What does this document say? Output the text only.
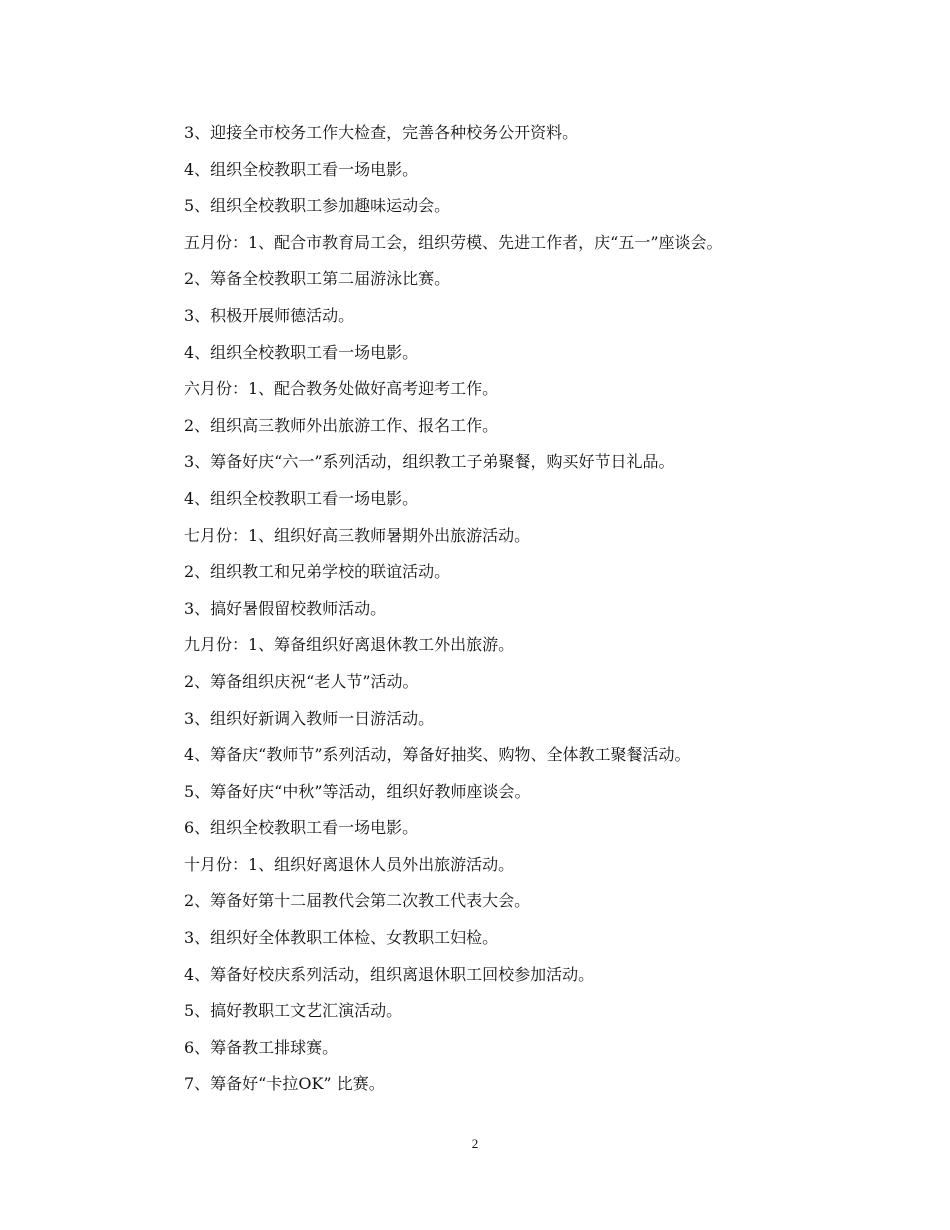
3、迎接全市校务工作大检查，完善各种校务公开资料。
4、组织全校教职工看一场电影。
5、组织全校教职工参加趣味运动会。
五月份：1、配合市教育局工会，组织劳模、先进工作者，庆“五一”座谈会。
2、筹备全校教职工第二届游泳比赛。
3、积极开展师德活动。
4、组织全校教职工看一场电影。
六月份：1、配合教务处做好高考迎考工作。
2、组织高三教师外出旅游工作、报名工作。
3、筹备好庆“六一”系列活动，组织教工子弟聚餐，购买好节日礼品。
4、组织全校教职工看一场电影。
七月份：1、组织好高三教师暑期外出旅游活动。
2、组织教工和兄弟学校的联谊活动。
3、搞好暑假留校教师活动。
九月份：1、筹备组织好离退休教工外出旅游。
2、筹备组织庆祝“老人节”活动。
3、组织好新调入教师一日游活动。
4、筹备庆“教师节”系列活动，筹备好抽奖、购物、全体教工聚餐活动。
5、筹备好庆“中秋”等活动，组织好教师座谈会。
6、组织全校教职工看一场电影。
十月份：1、组织好离退休人员外出旅游活动。
2、筹备好第十二届教代会第二次教工代表大会。
3、组织好全体教职工体检、女教职工妇检。
4、筹备好校庆系列活动，组织离退休职工回校参加活动。
5、搞好教职工文艺汇演活动。
6、筹备教工排球赛。
7、筹备好“卡拉OK” 比赛。
2
